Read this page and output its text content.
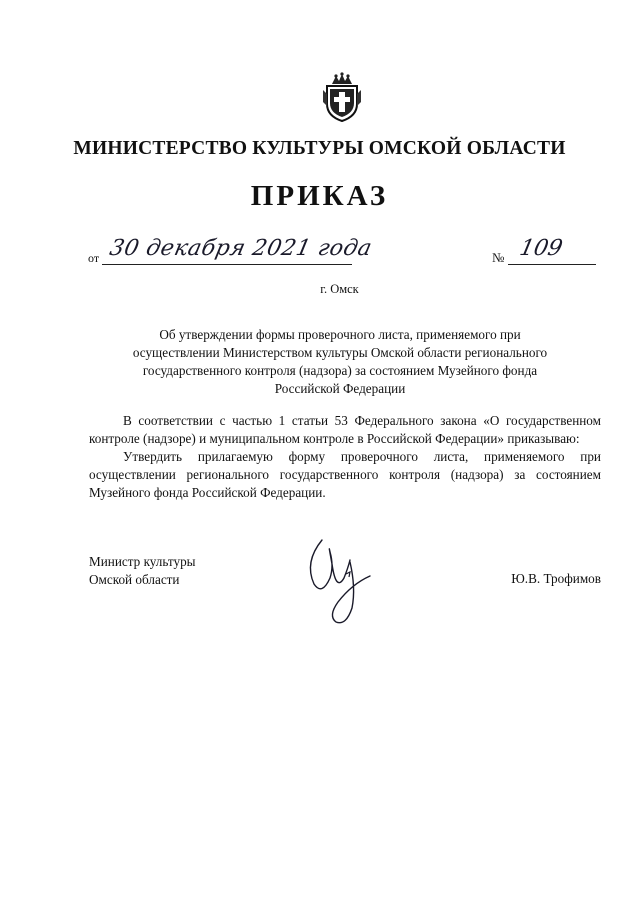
МИНИСТЕРСТВО КУЛЬТУРЫ ОМСКОЙ ОБЛАСТИ
ПРИКАЗ
от 30 декабря 2021 года	№ 109
г. Омск
Об утверждении формы проверочного листа, применяемого при
осуществлении Министерством культуры Омской области регионального
государственного контроля (надзора) за состоянием Музейного фонда
Российской Федерации

В соответствии с частью 1 статьи 53 Федерального закона «О государственном контроле (надзоре) и муниципальном контроле в Российской Федерации» приказываю:

Утвердить прилагаемую форму проверочного листа, применяемого при осуществлении регионального государственного контроля (надзора) за состоянием Музейного фонда Российской Федерации.

Министр культуры
Омской области	Ю.В. Трофимов
